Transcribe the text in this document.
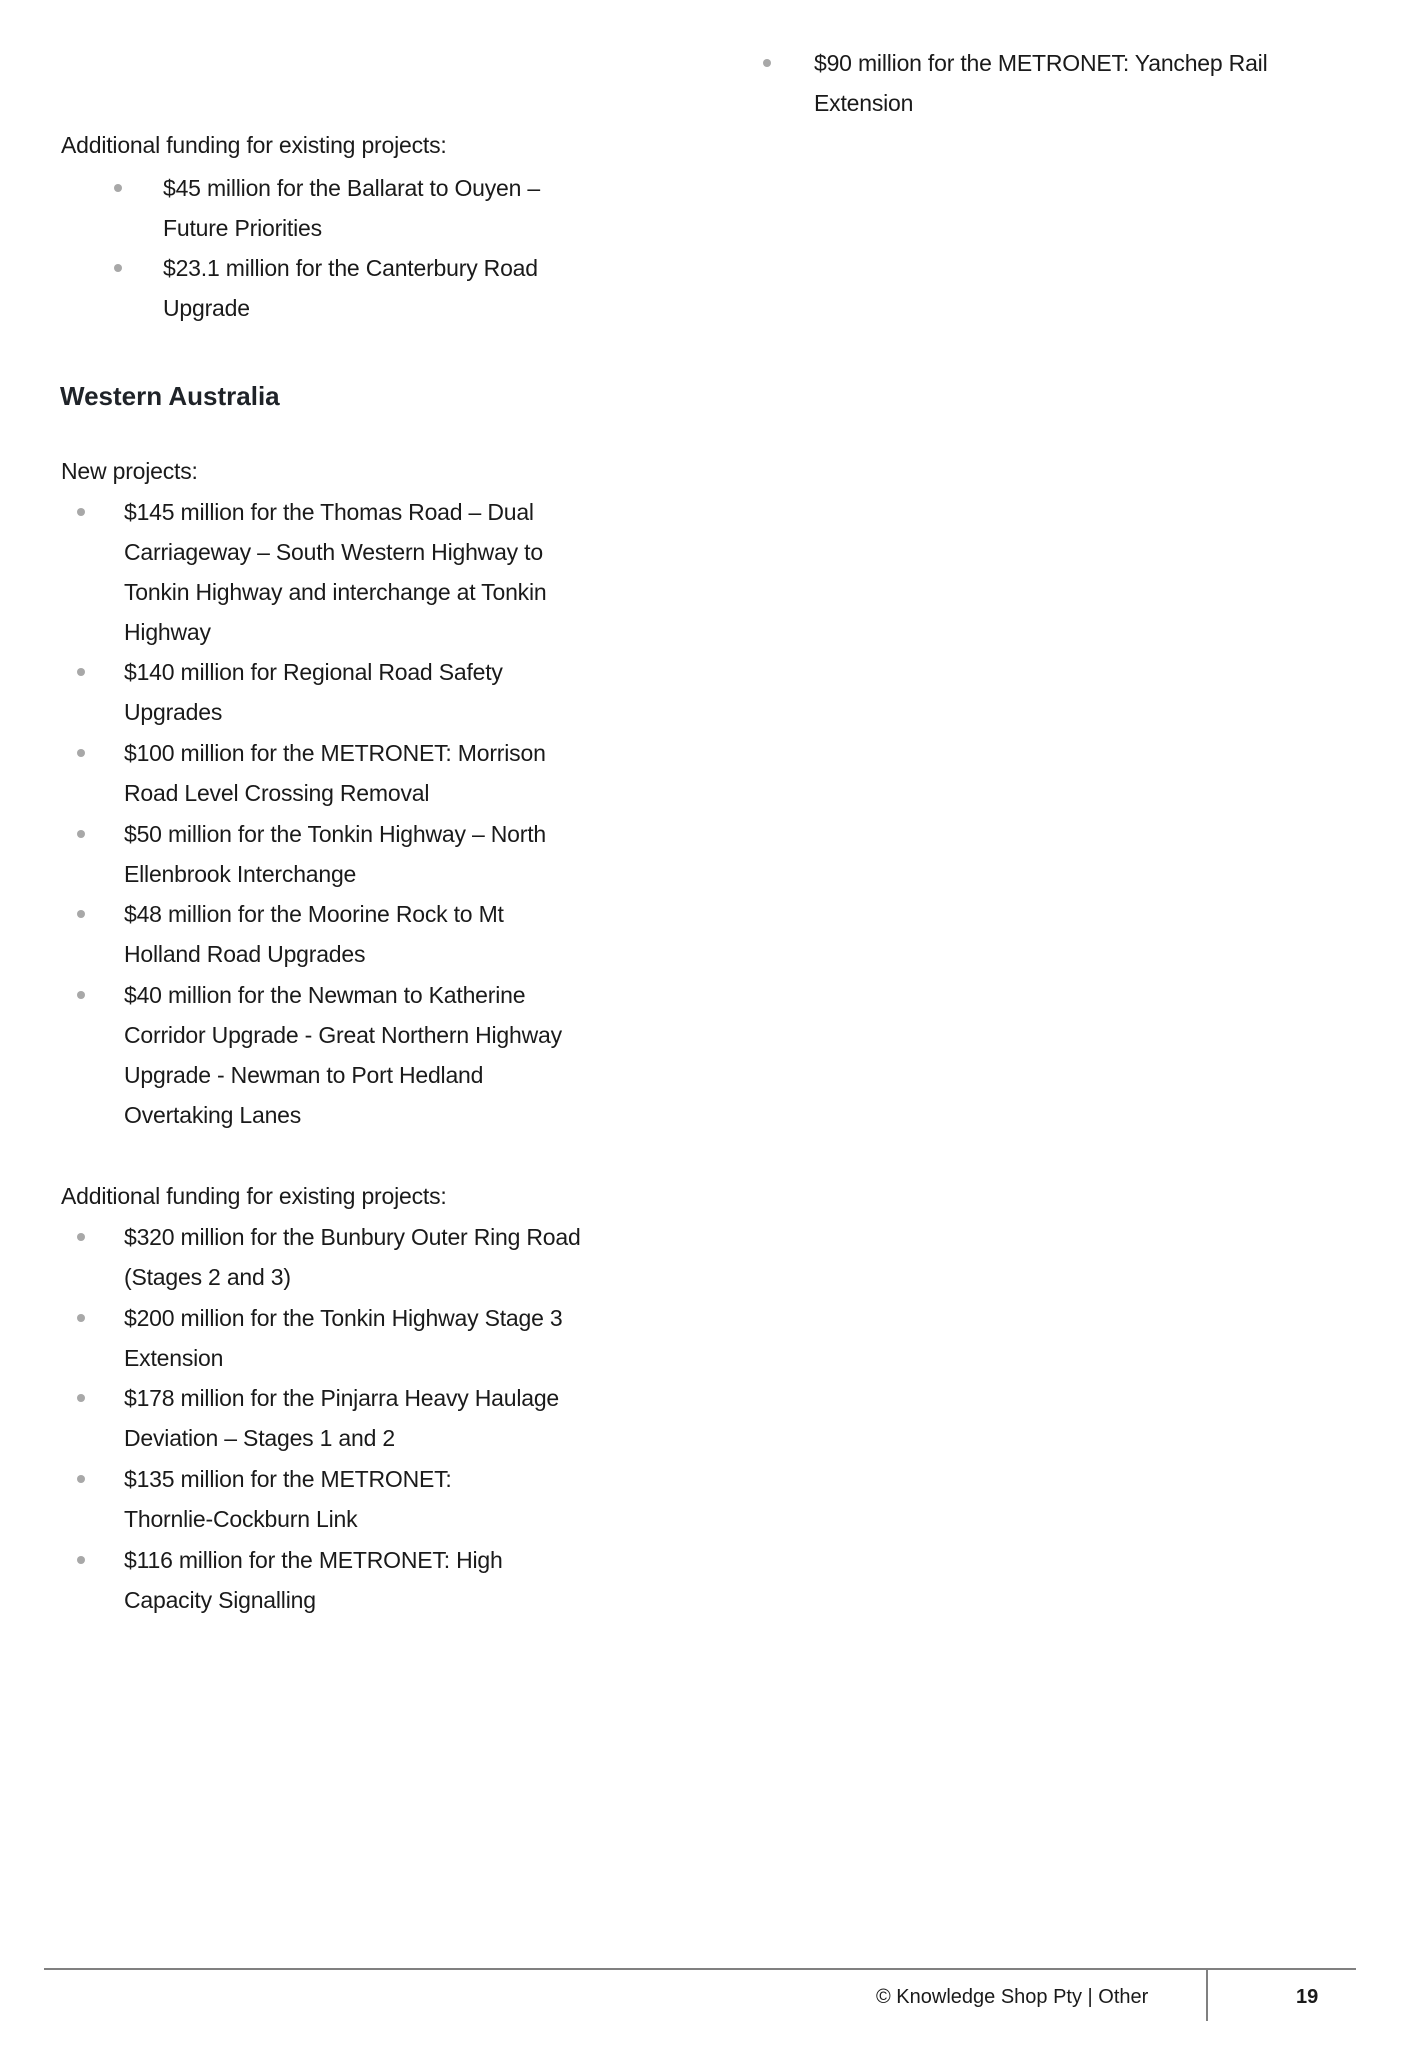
$90 million for the METRONET: Yanchep Rail
Extension
Additional funding for existing projects:
$45 million for the Ballarat to Ouyen –
Future Priorities
$23.1 million for the Canterbury Road
Upgrade
Western Australia
New projects:
$145 million for the Thomas Road – Dual
Carriageway – South Western Highway to
Tonkin Highway and interchange at Tonkin
Highway
$140 million for Regional Road Safety
Upgrades
$100 million for the METRONET: Morrison
Road Level Crossing Removal
$50 million for the Tonkin Highway – North
Ellenbrook Interchange
$48 million for the Moorine Rock to Mt
Holland Road Upgrades
$40 million for the Newman to Katherine
Corridor Upgrade - Great Northern Highway
Upgrade - Newman to Port Hedland
Overtaking Lanes
Additional funding for existing projects:
$320 million for the Bunbury Outer Ring Road
(Stages 2 and 3)
$200 million for the Tonkin Highway Stage 3
Extension
$178 million for the Pinjarra Heavy Haulage
Deviation – Stages 1 and 2
$135 million for the METRONET:
Thornlie-Cockburn Link
$116 million for the METRONET: High
Capacity Signalling
© Knowledge Shop Pty | Other	19
